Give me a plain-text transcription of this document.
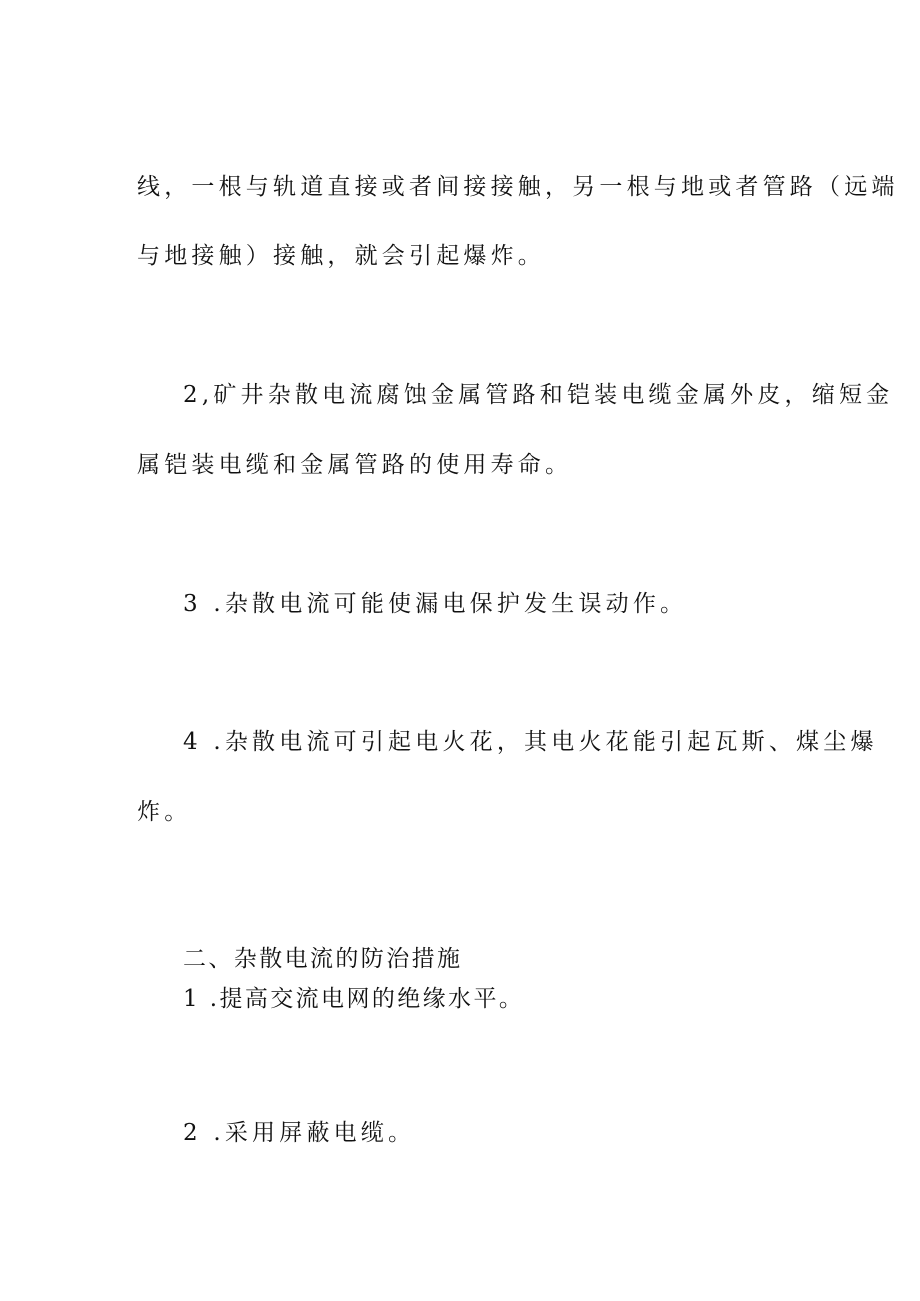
线，一根与轨道直接或者间接接触，另一根与地或者管路（远端
与地接触）接触，就会引起爆炸。
2,矿井杂散电流腐蚀金属管路和铠装电缆金属外皮，缩短金
属铠装电缆和金属管路的使用寿命。
3 .杂散电流可能使漏电保护发生误动作。
4 .杂散电流可引起电火花，其电火花能引起瓦斯、煤尘爆
炸。
二、杂散电流的防治措施
1 .提高交流电网的绝缘水平。
2 .采用屏蔽电缆。
